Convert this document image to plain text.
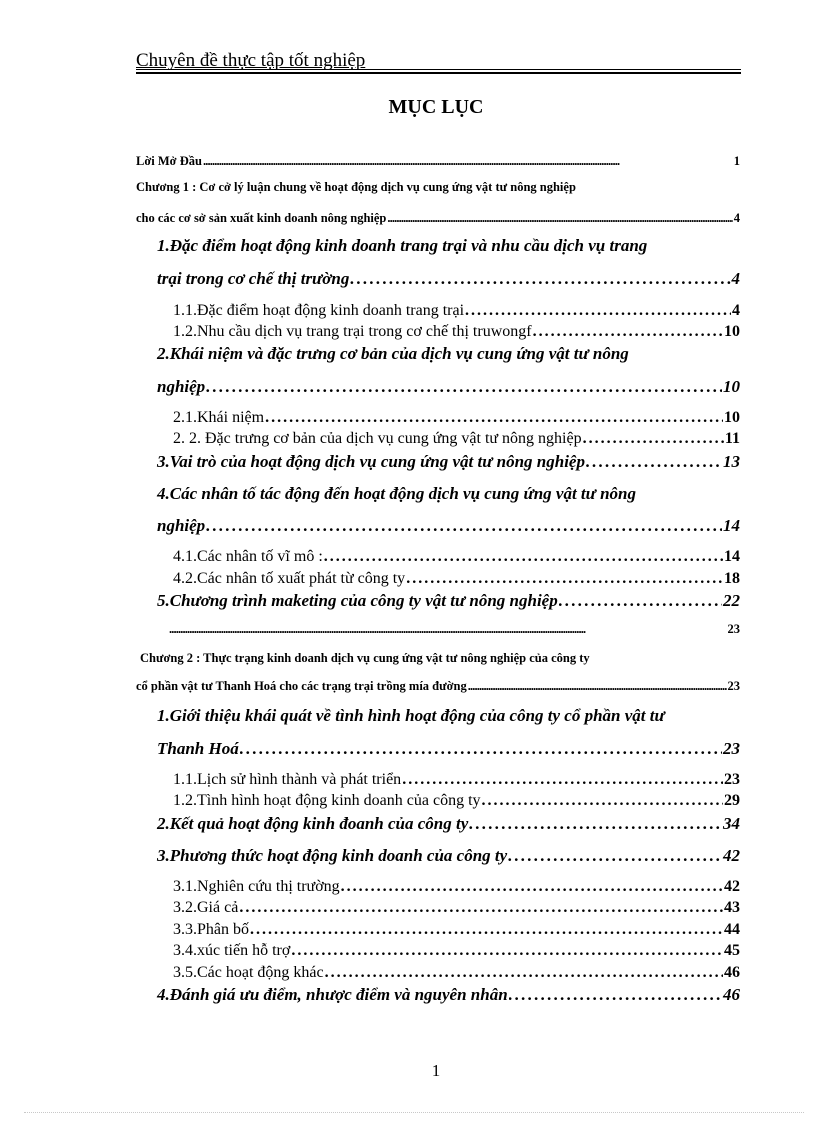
Chuyên đề thực tập tốt nghiệp
MỤC LỤC
Lời Mở Đầu . . .	1
Chương 1 : Cơ cở lý luận chung về hoạt động dịch vụ cung ứng vật tư nông nghiệp
cho các cơ sở sản xuất kinh doanh nông nghiệp . . .	4
1.Đặc điểm hoạt động kinh doanh trang trại và nhu cầu dịch vụ trang
trại trong cơ chế thị trường . . .	4
1.1.Đặc điểm hoạt động kinh doanh trang trại . . .	4
1.2.Nhu cầu dịch vụ trang trại trong cơ chế thị truwongf . . .	10
2.Khái niệm và đặc trưng cơ bản của dịch vụ cung ứng vật tư nông
nghiệp . . .	10
2.1.Khái niệm . . .	10
2. 2. Đặc trưng cơ bản của dịch vụ cung ứng vật tư nông nghiệp . . .	11
3.Vai trò của hoạt động dịch vụ cung ứng vật tư nông nghiệp . . .	13
4.Các nhân tố tác động đến hoạt động dịch vụ cung ứng vật tư nông
nghiệp . . .	14
4.1.Các nhân tố vĩ mô : . . .	14
4.2.Các nhân tố xuất phát từ công ty . . .	18
5.Chương trình maketing của công ty vật tư nông nghiệp . . .	22
. . .
23
Chương 2 : Thực trạng kinh doanh dịch vụ cung ứng vật tư nông nghiệp của công ty
cổ phần vật tư Thanh Hoá cho các trạng trại trồng mía đường . . .	23
1.Giới thiệu khái quát về tình hình hoạt động của công ty cổ phần vật tư
Thanh Hoá . . .	23
1.1.Lịch sử hình thành và phát triển . . .	23
1.2.Tình hình hoạt động kinh doanh của công ty . . .	29
2.Kết quả hoạt động kinh đoanh của công ty . . .	34
3.Phương thức hoạt động kinh doanh của công ty . . .	42
3.1.Nghiên cứu thị trường . . .	42
3.2.Giá cả . . .	43
3.3.Phân bố . . .	44
3.4.xúc tiến hỗ trợ . . .	45
3.5.Các hoạt động khác . . .	46
4.Đánh giá ưu điểm, nhược điểm và nguyên nhân . . .	46
1
